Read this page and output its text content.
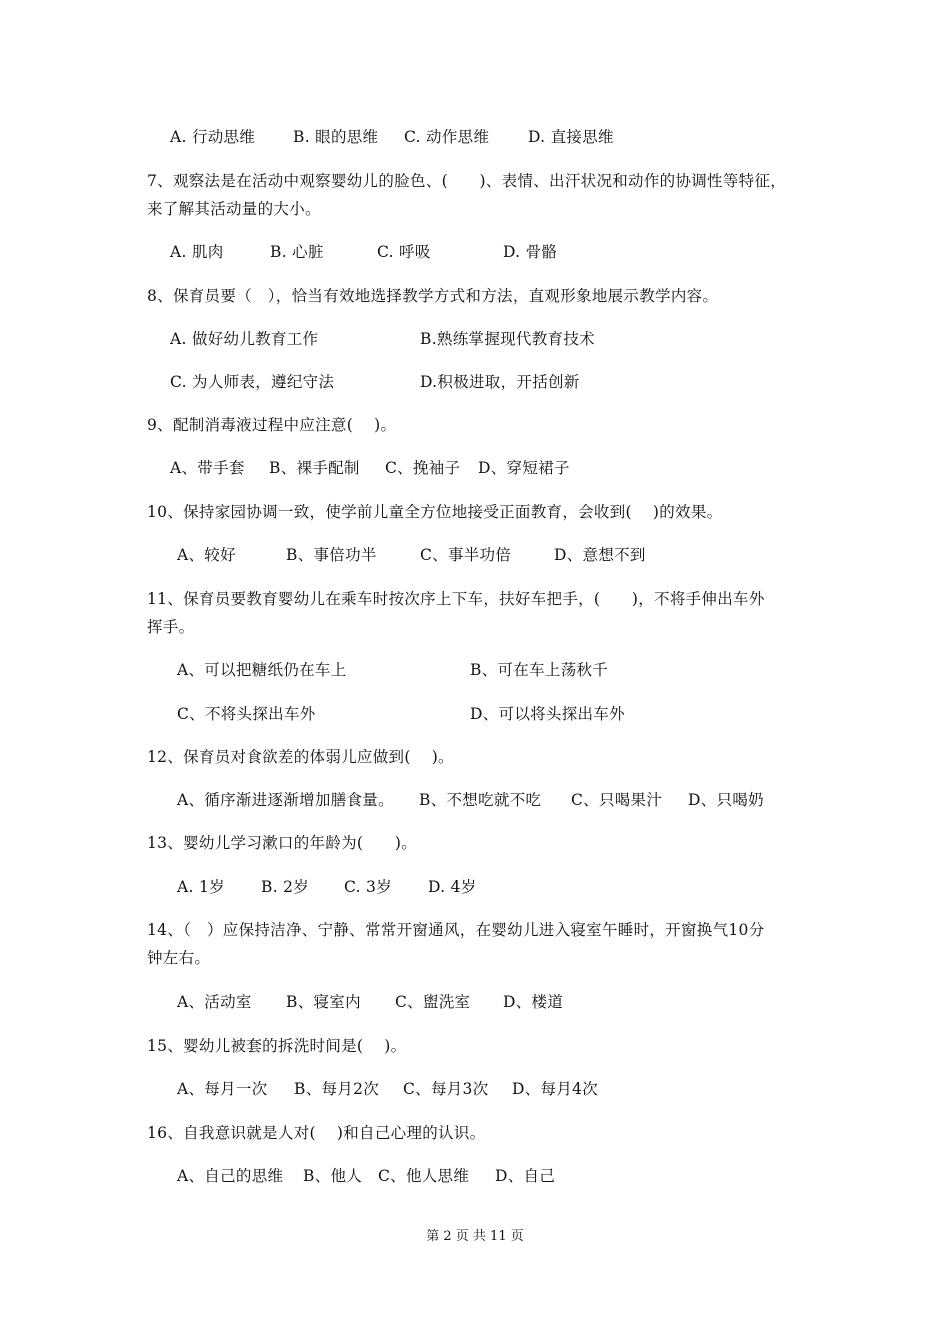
A. 行动思维 B. 眼的思维 C. 动作思维 D. 直接思维
7、观察法是在活动中观察婴幼儿的脸色、(　　)、表情、出汗状况和动作的协调性等特征，
来了解其活动量的大小。
A. 肌肉	B. 心脏	C. 呼吸	D. 骨骼
8、保育员要（　），恰当有效地选择教学方式和方法，直观形象地展示教学内容。
A. 做好幼儿教育工作	B.熟练掌握现代教育技术
C. 为人师表，遵纪守法	D.积极进取，开括创新
9、配制消毒液过程中应注意(　 )。
A、带手套 B、裸手配制 C、挽袖子 D、穿短裙子
10、保持家园协调一致，使学前儿童全方位地接受正面教育，会收到(　 )的效果。
A、较好	B、事倍功半	C、事半功倍	D、意想不到
11、保育员要教育婴幼儿在乘车时按次序上下车，扶好车把手，(　　)，不将手伸出车外
挥手。
A、可以把糖纸仍在车上	B、可在车上荡秋千
C、不将头探出车外	D、可以将头探出车外
12、保育员对食欲差的体弱儿应做到(　 )。
A、循序渐进逐渐增加膳食量。 B、不想吃就不吃 C、只喝果汁 D、只喝奶
13、婴幼儿学习漱口的年龄为(　　)。
A. 1岁 B. 2岁 C. 3岁 D. 4岁
14、（　）应保持洁净、宁静、常常开窗通风，在婴幼儿进入寝室午睡时，开窗换气10分
钟左右。
A、活动室 B、寝室内 C、盥洗室 D、楼道
15、婴幼儿被套的拆洗时间是(　 )。
A、每月一次 B、每月2次 C、每月3次 D、每月4次
16、自我意识就是人对(　 )和自己心理的认识。
A、自己的思维 B、他人 C、他人思维 D、自己
第 2 页 共 11 页
